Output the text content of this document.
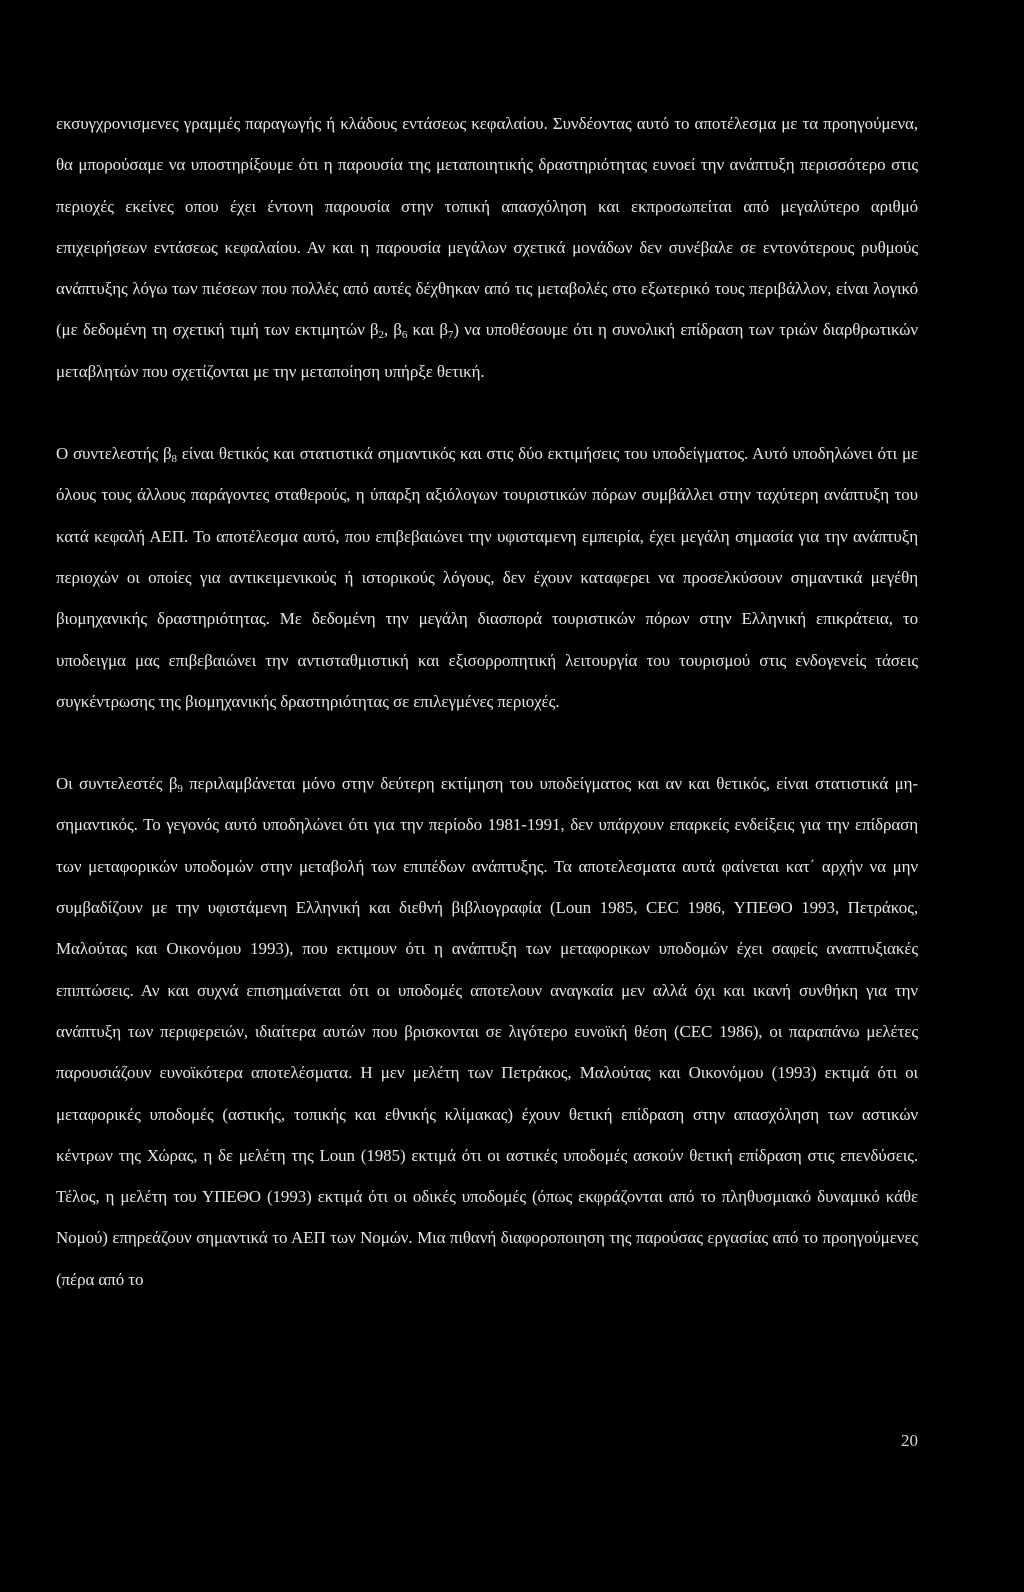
εκσυγχρονισμενες γραμμές παραγωγής ή κλάδους εντάσεως κεφαλαίου. Συνδέοντας αυτό το αποτέλεσμα με τα προηγούμενα, θα μπορούσαμε να υποστηρίξουμε ότι η παρουσία της μεταποιητικής δραστηριότητας ευνοεί την ανάπτυξη περισσότερο στις περιοχές εκείνες οπου έχει έντονη παρουσία στην τοπική απασχόληση και εκπροσωπείται από μεγαλύτερο αριθμό επιχειρήσεων εντάσεως κεφαλαίου. Αν και η παρουσία μεγάλων σχετικά μονάδων δεν συνέβαλε σε εντονότερους ρυθμούς ανάπτυξης λόγω των πιέσεων που πολλές από αυτές δέχθηκαν από τις μεταβολές στο εξωτερικό τους περιβάλλον, είναι λογικό (με δεδομένη τη σχετική τιμή των εκτιμητών $\beta_2$, $\beta_6$ και $\beta_7$) να υποθέσουμε ότι η συνολική επίδραση των τριών διαρθρωτικών μεταβλητών που σχετίζονται με την μεταποίηση υπήρξε θετική.

Ο συντελεστής $\beta_8$ είναι θετικός και στατιστικά σημαντικός και στις δύο εκτιμήσεις του υποδείγματος. Αυτό υποδηλώνει ότι με όλους τους άλλους παράγοντες σταθερούς, η ύπαρξη αξιόλογων τουριστικών πόρων συμβάλλει στην ταχύτερη ανάπτυξη του κατά κεφαλή ΑΕΠ. Το αποτέλεσμα αυτό, που επιβεβαιώνει την υφισταμενη εμπειρία, έχει μεγάλη σημασία για την ανάπτυξη περιοχών οι οποίες για αντικειμενικούς ή ιστορικούς λόγους, δεν έχουν καταφερει να προσελκύσουν σημαντικά μεγέθη βιομηχανικής δραστηριότητας. Με δεδομένη την μεγάλη διασπορά τουριστικών πόρων στην Ελληνική επικράτεια, το υποδειγμα μας επιβεβαιώνει την αντισταθμιστική και εξισορροπητική λειτουργία του τουρισμού στις ενδογενείς τάσεις συγκέντρωσης της βιομηχανικής δραστηριότητας σε επιλεγμένες περιοχές.

Οι συντελεστές $\beta_9$ περιλαμβάνεται μόνο στην δεύτερη εκτίμηση του υποδείγματος και αν και θετικός, είναι στατιστικά μη-σημαντικός. Το γεγονός αυτό υποδηλώνει ότι για την περίοδο 1981-1991, δεν υπάρχουν επαρκείς ενδείξεις για την επίδραση των μεταφορικών υποδομών στην μεταβολή των επιπέδων ανάπτυξης. Τα αποτελεσματα αυτά φαίνεται κατ΄ αρχήν να μην συμβαδίζουν με την υφιστάμενη Ελληνική και διεθνή βιβλιογραφία (Loun 1985, CEC 1986, ΥΠΕΘΟ 1993, Πετράκος, Μαλούτας και Οικονόμου 1993), που εκτιμουν ότι η ανάπτυξη των μεταφορικων υποδομών έχει σαφείς αναπτυξιακές επιπτώσεις. Αν και συχνά επισημαίνεται ότι οι υποδομές αποτελουν αναγκαία μεν αλλά όχι και ικανή συνθήκη για την ανάπτυξη των περιφερειών, ιδιαίτερα αυτών που βρισκονται σε λιγότερο ευνοϊκή θέση (CEC 1986), οι παραπάνω μελέτες παρουσιάζουν ευνοϊκότερα αποτελέσματα. Η μεν μελέτη των Πετράκος, Μαλούτας και Οικονόμου (1993) εκτιμά ότι οι μεταφορικές υποδομές (αστικής, τοπικής και εθνικής κλίμακας) έχουν θετική επίδραση στην απασχόληση των αστικών κέντρων της Χώρας, η δε μελέτη της Loun (1985) εκτιμά ότι οι αστικές υποδομές ασκούν θετική επίδραση στις επενδύσεις. Τέλος, η μελέτη του ΥΠΕΘΟ (1993) εκτιμά ότι οι οδικές υποδομές (όπως εκφράζονται από το πληθυσμιακό δυναμικό κάθε Νομού) επηρεάζουν σημαντικά το ΑΕΠ των Νομών. Μια πιθανή διαφοροποιηση της παρούσας εργασίας από το προηγούμενες (πέρα από το

20
